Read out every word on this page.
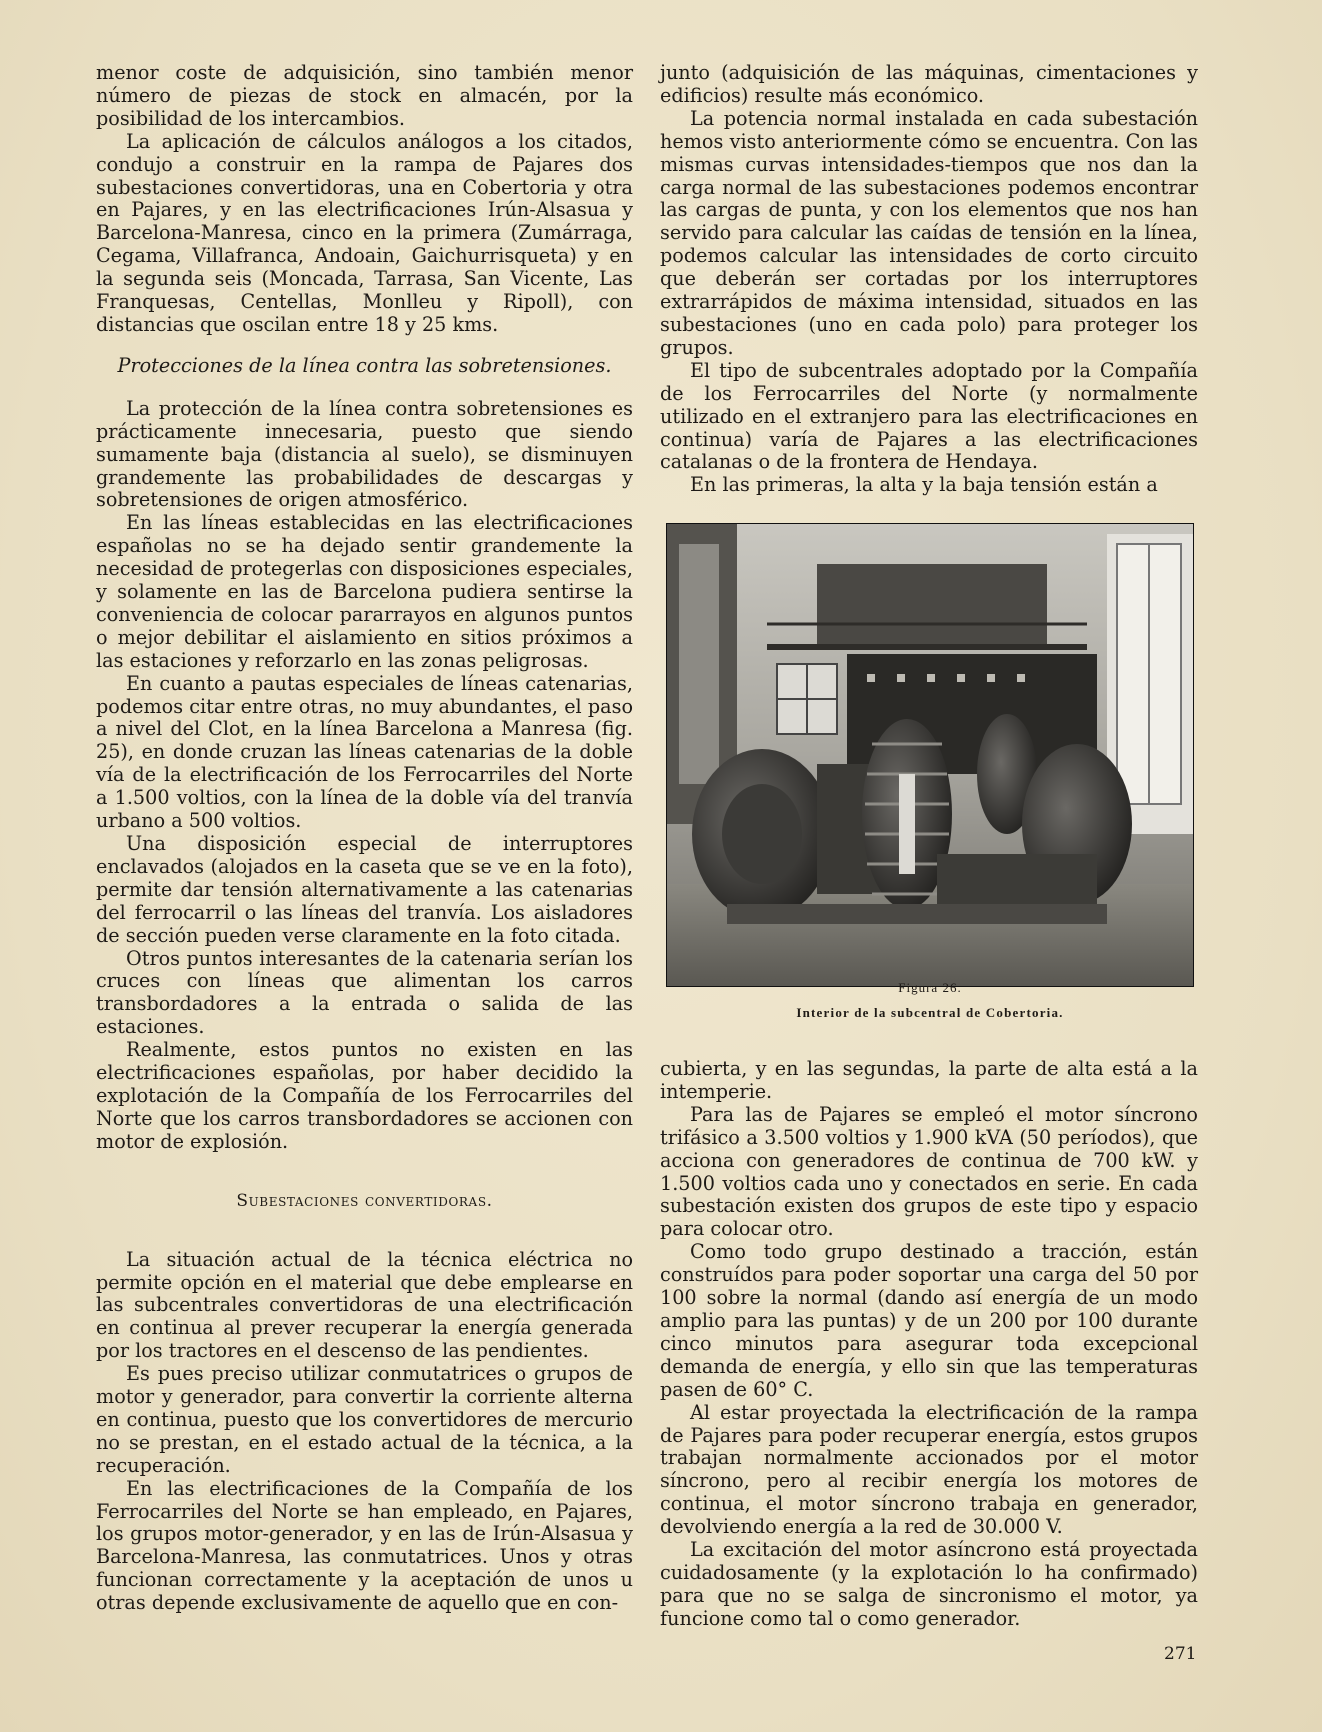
menor coste de adquisición, sino también menor número de piezas de stock en almacén, por la posibilidad de los intercambios.

La aplicación de cálculos análogos a los citados, condujo a construir en la rampa de Pajares dos subestaciones convertidoras, una en Cobertoria y otra en Pajares, y en las electrificaciones Irún-Alsasua y Barcelona-Manresa, cinco en la primera (Zumárraga, Cegama, Villafranca, Andoain, Gaichurrisqueta) y en la segunda seis (Moncada, Tarrasa, San Vicente, Las Franquesas, Centellas, Monlleu y Ripoll), con distancias que oscilan entre 18 y 25 kms.

Protecciones de la línea contra las sobretensiones.

La protección de la línea contra sobretensiones es prácticamente innecesaria, puesto que siendo sumamente baja (distancia al suelo), se disminuyen grandemente las probabilidades de descargas y sobretensiones de origen atmosférico.

En las líneas establecidas en las electrificaciones españolas no se ha dejado sentir grandemente la necesidad de protegerlas con disposiciones especiales, y solamente en las de Barcelona pudiera sentirse la conveniencia de colocar pararrayos en algunos puntos o mejor debilitar el aislamiento en sitios próximos a las estaciones y reforzarlo en las zonas peligrosas.

En cuanto a pautas especiales de líneas catenarias, podemos citar entre otras, no muy abundantes, el paso a nivel del Clot, en la línea Barcelona a Manresa (fig. 25), en donde cruzan las líneas catenarias de la doble vía de la electrificación de los Ferrocarriles del Norte a 1.500 voltios, con la línea de la doble vía del tranvía urbano a 500 voltios.

Una disposición especial de interruptores enclavados (alojados en la caseta que se ve en la foto), permite dar tensión alternativamente a las catenarias del ferrocarril o las líneas del tranvía. Los aisladores de sección pueden verse claramente en la foto citada.

Otros puntos interesantes de la catenaria serían los cruces con líneas que alimentan los carros transbordadores a la entrada o salida de las estaciones.

Realmente, estos puntos no existen en las electrificaciones españolas, por haber decidido la explotación de la Compañía de los Ferrocarriles del Norte que los carros transbordadores se accionen con motor de explosión.

Subestaciones convertidoras.

La situación actual de la técnica eléctrica no permite opción en el material que debe emplearse en las subcentrales convertidoras de una electrificación en continua al prever recuperar la energía generada por los tractores en el descenso de las pendientes.

Es pues preciso utilizar conmutatrices o grupos de motor y generador, para convertir la corriente alterna en continua, puesto que los convertidores de mercurio no se prestan, en el estado actual de la técnica, a la recuperación.

En las electrificaciones de la Compañía de los Ferrocarriles del Norte se han empleado, en Pajares, los grupos motor-generador, y en las de Irún-Alsasua y Barcelona-Manresa, las conmutatrices. Unos y otras funcionan correctamente y la aceptación de unos u otras depende exclusivamente de aquello que en con-

junto (adquisición de las máquinas, cimentaciones y edificios) resulte más económico.

La potencia normal instalada en cada subestación hemos visto anteriormente cómo se encuentra. Con las mismas curvas intensidades-tiempos que nos dan la carga normal de las subestaciones podemos encontrar las cargas de punta, y con los elementos que nos han servido para calcular las caídas de tensión en la línea, podemos calcular las intensidades de corto circuito que deberán ser cortadas por los interruptores extrarrápidos de máxima intensidad, situados en las subestaciones (uno en cada polo) para proteger los grupos.

El tipo de subcentrales adoptado por la Compañía de los Ferrocarriles del Norte (y normalmente utilizado en el extranjero para las electrificaciones en continua) varía de Pajares a las electrificaciones catalanas o de la frontera de Hendaya.

En las primeras, la alta y la baja tensión están a

Figura 26.
Interior de la subcentral de Cobertoria.

cubierta, y en las segundas, la parte de alta está a la intemperie.

Para las de Pajares se empleó el motor síncrono trifásico a 3.500 voltios y 1.900 kVA (50 períodos), que acciona con generadores de continua de 700 kW. y 1.500 voltios cada uno y conectados en serie. En cada subestación existen dos grupos de este tipo y espacio para colocar otro.

Como todo grupo destinado a tracción, están construídos para poder soportar una carga del 50 por 100 sobre la normal (dando así energía de un modo amplio para las puntas) y de un 200 por 100 durante cinco minutos para asegurar toda excepcional demanda de energía, y ello sin que las temperaturas pasen de 60° C.

Al estar proyectada la electrificación de la rampa de Pajares para poder recuperar energía, estos grupos trabajan normalmente accionados por el motor síncrono, pero al recibir energía los motores de continua, el motor síncrono trabaja en generador, devolviendo energía a la red de 30.000 V.

La excitación del motor asíncrono está proyectada cuidadosamente (y la explotación lo ha confirmado) para que no se salga de sincronismo el motor, ya funcione como tal o como generador.

271
